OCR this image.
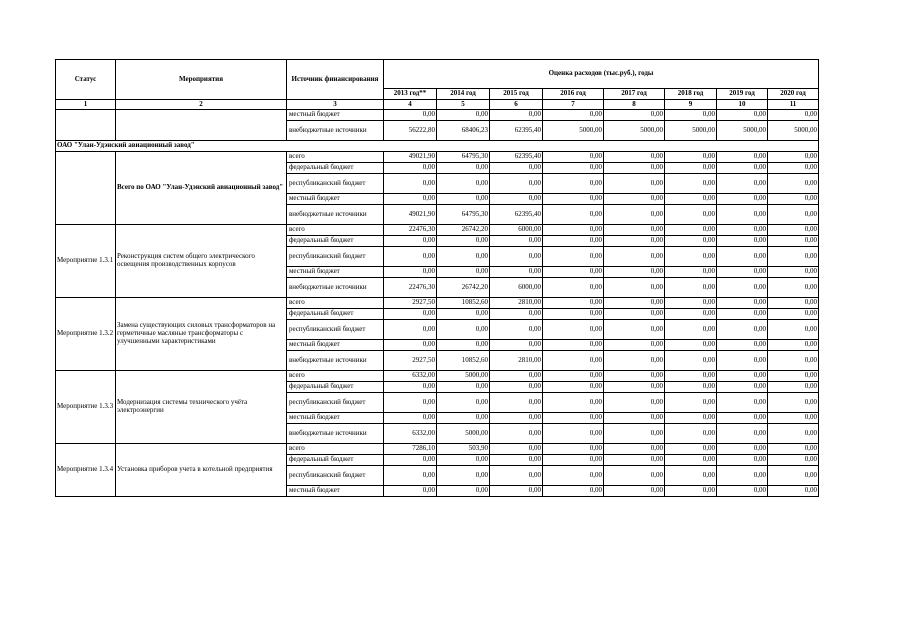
Статус	Мероприятия	Источник финансирования	Оценка расходов (тыс.руб.), годы							
			2013 год**	2014 год	2015 год	2016 год	2017 год	2018 год	2019 год	2020 год
1	2	3	4	5	6	7	8	9	10	11
		местный бюджет	0,00	0,00	0,00	0,00	0,00	0,00	0,00	0,00
		внебюджетные источники	56222,80	68406,23	62395,40	5000,00	5000,00	5000,00	5000,00	5000,00
ОАО "Улан-Удэнский авиационный завод"										
	Всего по ОАО "Улан-Удэнский авиационный завод"	всего	49021,90	64795,30	62395,40	0,00	0,00	0,00	0,00	0,00
		федеральный бюджет	0,00	0,00	0,00	0,00	0,00	0,00	0,00	0,00
		республиканский бюджет	0,00	0,00	0,00	0,00	0,00	0,00	0,00	0,00
		местный бюджет	0,00	0,00	0,00	0,00	0,00	0,00	0,00	0,00
		внебюджетные источники	49021,90	64795,30	62395,40	0,00	0,00	0,00	0,00	0,00
Мероприятие 1.3.1	Реконструкция систем общего электрического освещения производственных корпусов	всего	22476,30	26742,20	6000,00	0,00	0,00	0,00	0,00	0,00
		федеральный бюджет	0,00	0,00	0,00	0,00	0,00	0,00	0,00	0,00
		республиканский бюджет	0,00	0,00	0,00	0,00	0,00	0,00	0,00	0,00
		местный бюджет	0,00	0,00	0,00	0,00	0,00	0,00	0,00	0,00
		внебюджетные источники	22476,30	26742,20	6000,00	0,00	0,00	0,00	0,00	0,00
Мероприятие 1.3.2	Замена существующих силовых трансформаторов на герметичные масляные трансформаторы с улучшенными характеристиками	всего	2927,50	10852,60	2810,00	0,00	0,00	0,00	0,00	0,00
		федеральный бюджет	0,00	0,00	0,00	0,00	0,00	0,00	0,00	0,00
		республиканский бюджет	0,00	0,00	0,00	0,00	0,00	0,00	0,00	0,00
		местный бюджет	0,00	0,00	0,00	0,00	0,00	0,00	0,00	0,00
		внебюджетные источники	2927,50	10852,60	2810,00	0,00	0,00	0,00	0,00	0,00
Мероприятие 1.3.3	Модернизация системы технического учёта электроэнергии	всего	6332,00	5000,00	0,00	0,00	0,00	0,00	0,00	0,00
		федеральный бюджет	0,00	0,00	0,00	0,00	0,00	0,00	0,00	0,00
		республиканский бюджет	0,00	0,00	0,00	0,00	0,00	0,00	0,00	0,00
		местный бюджет	0,00	0,00	0,00	0,00	0,00	0,00	0,00	0,00
		внебюджетные источники	6332,00	5000,00	0,00	0,00	0,00	0,00	0,00	0,00
Мероприятие 1.3.4	Установка приборов учета в котельной предприятия	всего	7286,10	503,90	0,00	0,00	0,00	0,00	0,00	0,00
		федеральный бюджет	0,00	0,00	0,00	0,00	0,00	0,00	0,00	0,00
		республиканский бюджет	0,00	0,00	0,00	0,00	0,00	0,00	0,00	0,00
		местный бюджет	0,00	0,00	0,00	0,00	0,00	0,00	0,00	0,00
